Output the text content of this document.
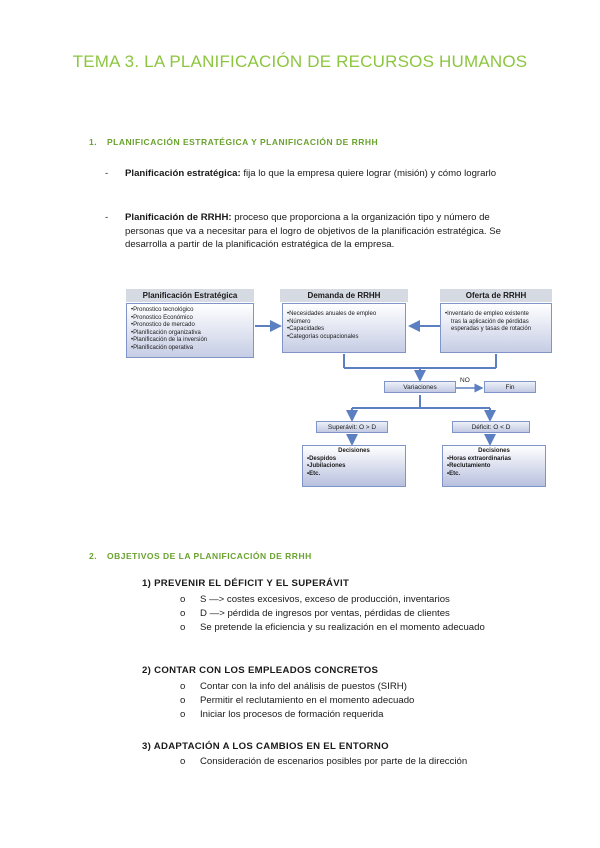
TEMA 3. LA PLANIFICACIÓN DE RECURSOS HUMANOS
1. PLANIFICACIÓN ESTRATÉGICA Y PLANIFICACIÓN DE RRHH
- Planificación estratégica: fija lo que la empresa quiere lograr (misión) y cómo lograrlo
- Planificación de RRHH: proceso que proporciona a la organización tipo y número de personas que va a necesitar para el logro de objetivos de la planificación estratégica. Se desarrolla a partir de la planificación estratégica de la empresa.
Planificación Estratégica
•Pronostico tecnológico
•Pronostico Económico
•Pronostico de mercado
•Planificación organizativa
•Planificación de la inversión
•Planificación operativa
Demanda de RRHH
•Necesidades anuales de empleo
•Número
•Capacidades
•Categorías ocupacionales
Oferta de RRHH
•Inventario de empleo existente
tras la aplicación de pérdidas
esperadas y tasas de rotación
Variaciones
NO
Fin
Superávit: O > D	Déficit: O < D
Decisiones
•Despidos
•Jubilaciones
•Etc.
Decisiones
•Horas extraordinarias
•Reclutamiento
•Etc.
2. OBJETIVOS DE LA PLANIFICACIÓN DE RRHH
1) PREVENIR EL DÉFICIT Y EL SUPERÁVIT
o S —> costes excesivos, exceso de producción, inventarios
o D —> pérdida de ingresos por ventas, pérdidas de clientes
o Se pretende la eficiencia y su realización en el momento adecuado
2) CONTAR CON LOS EMPLEADOS CONCRETOS
o Contar con la info del análisis de puestos (SIRH)
o Permitir el reclutamiento en el momento adecuado
o Iniciar los procesos de formación requerida
3) ADAPTACIÓN A LOS CAMBIOS EN EL ENTORNO
o Consideración de escenarios posibles por parte de la dirección
